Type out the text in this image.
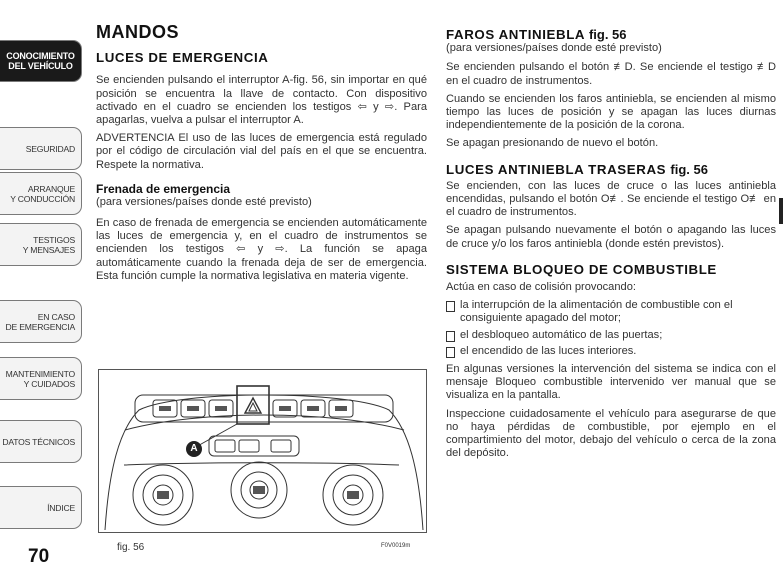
CONOCIMIENTO
DEL VEHÍCULO
SEGURIDAD
ARRANQUE
Y CONDUCCIÓN
TESTIGOS
Y MENSAJES
EN CASO
DE EMERGENCIA
MANTENIMIENTO
Y CUIDADOS
DATOS TÉCNICOS
ÍNDICE
70
MANDOS
LUCES DE EMERGENCIA

Se encienden pulsando el interruptor A-fig. 56, sin importar en qué posición se encuentra la llave de contacto. Con dispositivo activado en el cuadro se encienden los testigos ⇦ y ⇨. Para apagarlas, vuelva a pulsar el interruptor A.

ADVERTENCIA El uso de las luces de emergencia está regulado por el código de circulación vial del país en el que se encuentra. Respete la normativa.

Frenada de emergencia
(para versiones/países donde esté previsto)

En caso de frenada de emergencia se encienden automáticamente las luces de emergencia y, en el cuadro de instrumentos se encienden los testigos ⇦ y ⇨. La función se apaga automáticamente cuando la frenada deja de ser de emergencia. Esta función cumple la normativa legislativa en materia vigente.

A
fig. 56	F0V0019m
FAROS ANTINIEBLA fig. 56
(para versiones/países donde esté previsto)

Se encienden pulsando el botón ≢D. Se enciende el testigo ≢D en el cuadro de instrumentos.

Cuando se encienden los faros antiniebla, se encienden al mismo tiempo las luces de posición y se apagan las luces diurnas independientemente de la posición de la corona.

Se apagan presionando de nuevo el botón.

LUCES ANTINIEBLA TRASERAS fig. 56

Se encienden, con las luces de cruce o las luces antiniebla encendidas, pulsando el botón O≢. Se enciende el testigo O≢ en el cuadro de instrumentos.

Se apagan pulsando nuevamente el botón o apagando las luces de cruce y/o los faros antiniebla (donde estén previstos).

SISTEMA BLOQUEO DE COMBUSTIBLE

Actúa en caso de colisión provocando:

la interrupción de la alimentación de combustible con el consiguiente apagado del motor;
el desbloqueo automático de las puertas;
el encendido de las luces interiores.

En algunas versiones la intervención del sistema se indica con el mensaje Bloqueo combustible intervenido ver manual que se visualiza en la pantalla.

Inspeccione cuidadosamente el vehículo para asegurarse de que no haya pérdidas de combustible, por ejemplo en el compartimiento del motor, debajo del vehículo o cerca de la zona del depósito.
